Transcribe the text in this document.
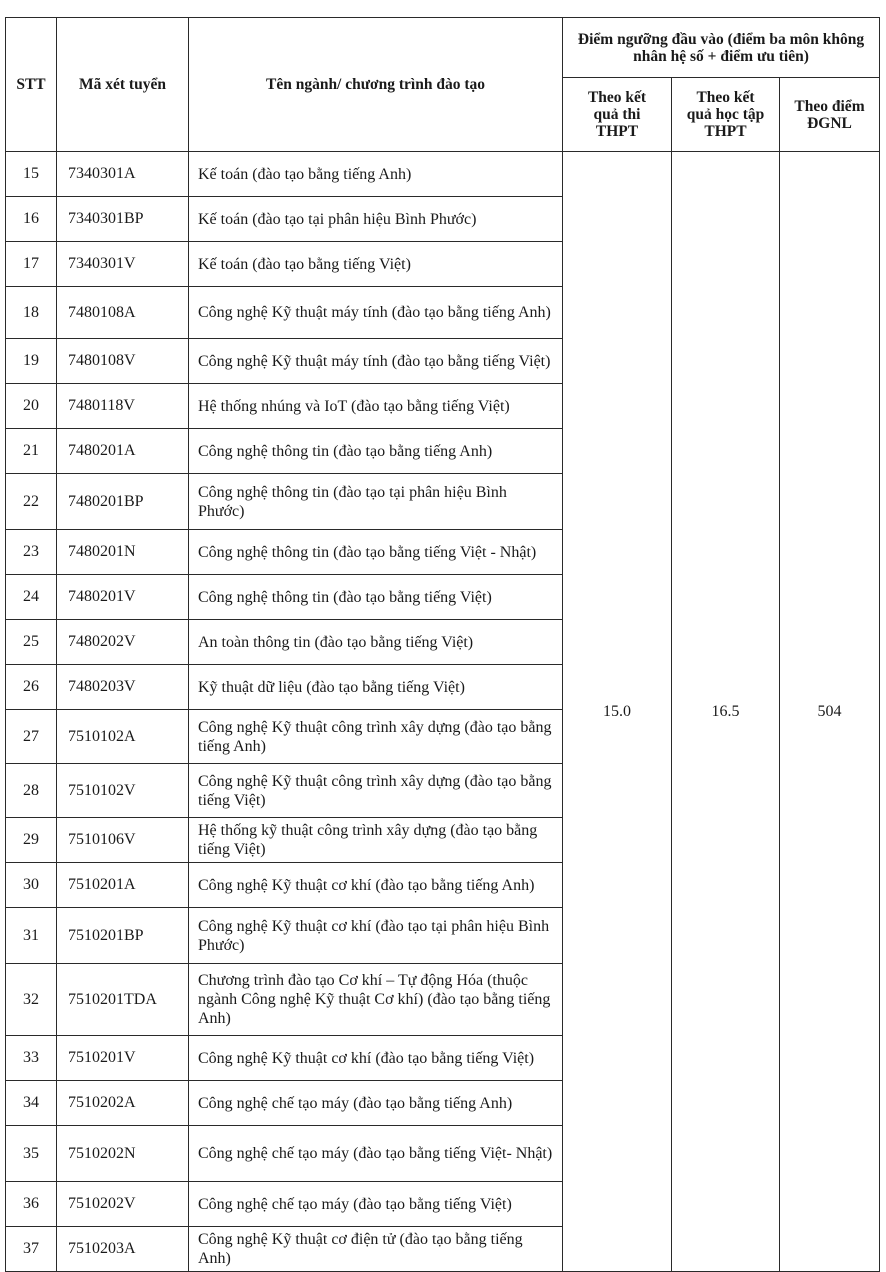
STT	Mã xét tuyển	Tên ngành/ chương trình đào tạo	Điểm ngưỡng đầu vào (điểm ba môn không nhân hệ số + điểm ưu tiên)		
			Theo kết quả thi THPT	Theo kết quả học tập THPT	Theo điểm ĐGNL
15	7340301A	Kế toán (đào tạo bằng tiếng Anh)	15.0	16.5	504
16	7340301BP	Kế toán (đào tạo tại phân hiệu Bình Phước)			
17	7340301V	Kế toán (đào tạo bằng tiếng Việt)			
18	7480108A	Công nghệ Kỹ thuật máy tính (đào tạo bằng tiếng Anh)			
19	7480108V	Công nghệ Kỹ thuật máy tính (đào tạo bằng tiếng Việt)			
20	7480118V	Hệ thống nhúng và IoT (đào tạo bằng tiếng Việt)			
21	7480201A	Công nghệ thông tin (đào tạo bằng tiếng Anh)			
22	7480201BP	Công nghệ thông tin (đào tạo tại phân hiệu Bình Phước)			
23	7480201N	Công nghệ thông tin (đào tạo bằng tiếng Việt - Nhật)			
24	7480201V	Công nghệ thông tin (đào tạo bằng tiếng Việt)			
25	7480202V	An toàn thông tin (đào tạo bằng tiếng Việt)			
26	7480203V	Kỹ thuật dữ liệu (đào tạo bằng tiếng Việt)			
27	7510102A	Công nghệ Kỹ thuật công trình xây dựng (đào tạo bằng tiếng Anh)			
28	7510102V	Công nghệ Kỹ thuật công trình xây dựng (đào tạo bằng tiếng Việt)			
29	7510106V	Hệ thống kỹ thuật công trình xây dựng (đào tạo bằng tiếng Việt)			
30	7510201A	Công nghệ Kỹ thuật cơ khí (đào tạo bằng tiếng Anh)			
31	7510201BP	Công nghệ Kỹ thuật cơ khí (đào tạo tại phân hiệu Bình Phước)			
32	7510201TDA	Chương trình đào tạo Cơ khí – Tự động Hóa (thuộc ngành Công nghệ Kỹ thuật Cơ khí) (đào tạo bằng tiếng Anh)			
33	7510201V	Công nghệ Kỹ thuật cơ khí (đào tạo bằng tiếng Việt)			
34	7510202A	Công nghệ chế tạo máy (đào tạo bằng tiếng Anh)			
35	7510202N	Công nghệ chế tạo máy (đào tạo bằng tiếng Việt- Nhật)			
36	7510202V	Công nghệ chế tạo máy (đào tạo bằng tiếng Việt)			
37	7510203A	Công nghệ Kỹ thuật cơ điện tử (đào tạo bằng tiếng Anh)			
